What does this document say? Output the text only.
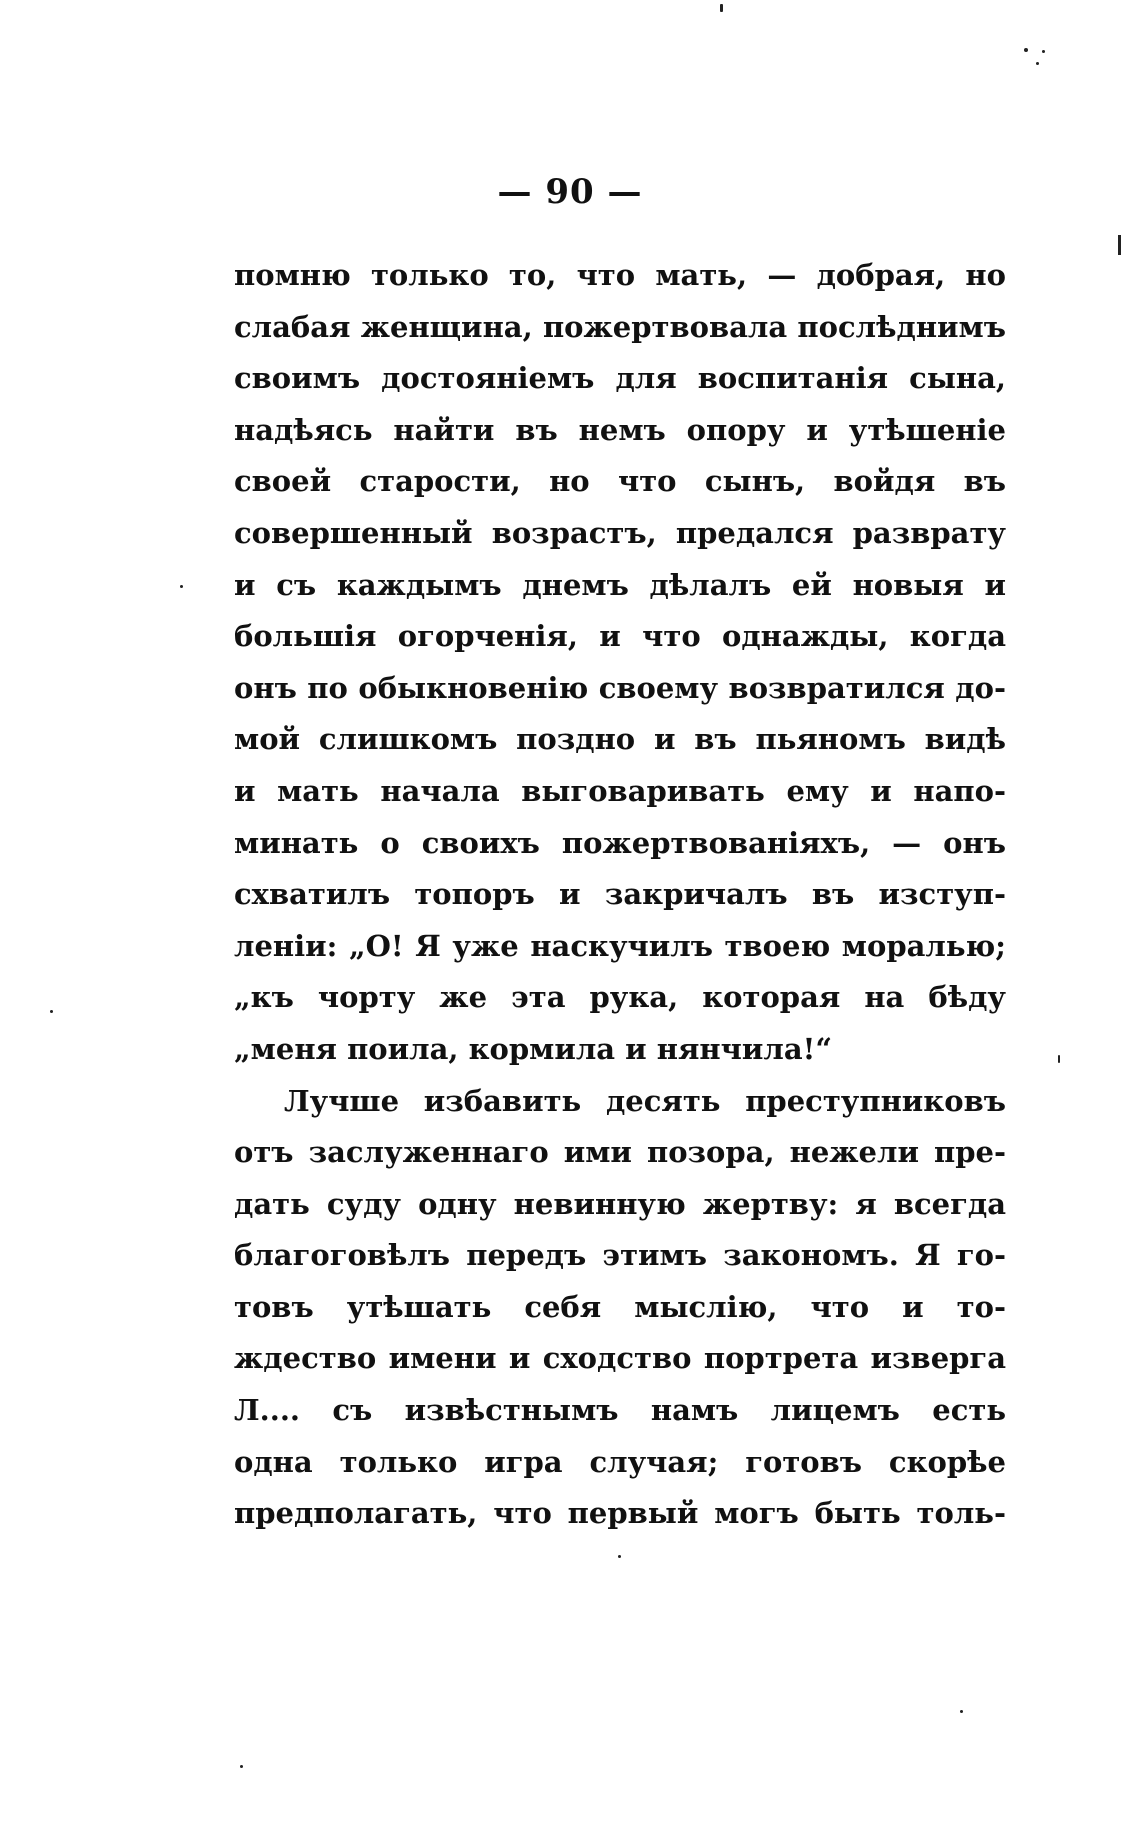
— 90 —
помню только то, что мать, — добрая, но
слабая женщина, пожертвовала послѣднимъ
своимъ достояніемъ для воспитанія сына,
надѣясь найти въ немъ опору и утѣшеніе
своей старости, но что сынъ, войдя въ
совершенный возрастъ, предался разврату
и съ каждымъ днемъ дѣлалъ ей новыя и
большія огорченія, и что однажды, когда
онъ по обыкновенію своему возвратился до-
мой слишкомъ поздно и въ пьяномъ видѣ
и мать начала выговаривать ему и напо-
минать о своихъ пожертвованіяхъ, — онъ
схватилъ топоръ и закричалъ въ изступ-
леніи: „О! Я уже наскучилъ твоею моралью;
„къ чорту же эта рука, которая на бѣду
„меня поила, кормила и нянчила!“
Лучше избавить десять преступниковъ
отъ заслуженнаго ими позора, нежели пре-
дать суду одну невинную жертву: я всегда
благоговѣлъ передъ этимъ закономъ. Я го-
товъ утѣшать себя мыслію, что и то-
ждество имени и сходство портрета изверга
Л.... съ извѣстнымъ намъ лицемъ есть
одна только игра случая; готовъ скорѣе
предполагать, что первый могъ быть толь-
